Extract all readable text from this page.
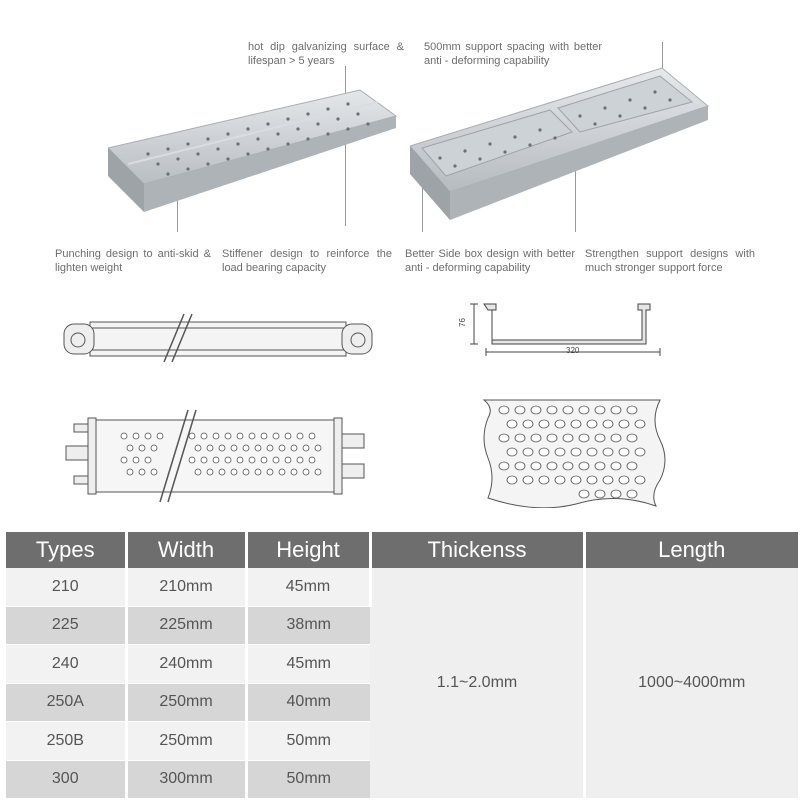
hot dip galvanizing surface & lifespan > 5 years
500mm support spacing with better anti - deforming capability
Punching design to anti-skid & lighten weight
Stiffener design to reinforce the load bearing capacity
Better Side box design with better anti - deforming capability
Strengthen support designs with much stronger support force
76
320
Types	Width	Height	Thickenss	Length
210	210mm	45mm	1.1~2.0mm	1000~4000mm
225	225mm	38mm		
240	240mm	45mm		
250A	250mm	40mm		
250B	250mm	50mm		
300	300mm	50mm		
